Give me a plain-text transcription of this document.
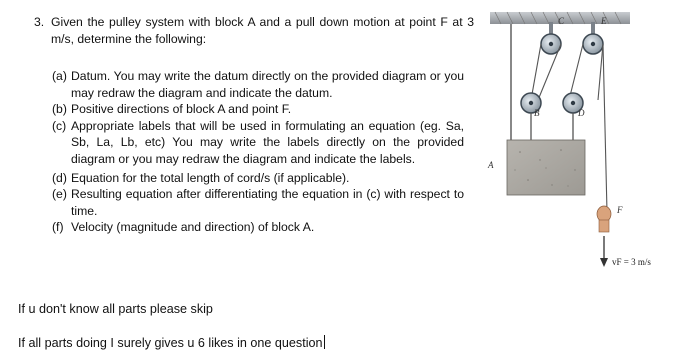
3. Given the pulley system with block A and a pull down motion at point F at 3 m/s, determine the following:
(a) Datum. You may write the datum directly on the provided diagram or you may redraw the diagram and indicate the datum.
(b) Positive directions of block A and point F.
(c) Appropriate labels that will be used in formulating an equation (eg. Sa, Sb, La, Lb, etc) You may write the labels directly on the provided diagram or you may redraw the diagram and indicate the labels.
(d) Equation for the total length of cord/s (if applicable).
(e) Resulting equation after differentiating the equation in (c) with respect to time.
(f) Velocity (magnitude and direction) of block A.
If u don't know all parts please skip
If all parts doing I surely gives u 6 likes in one question
A
B
C
D
E
F
vF = 3 m/s
